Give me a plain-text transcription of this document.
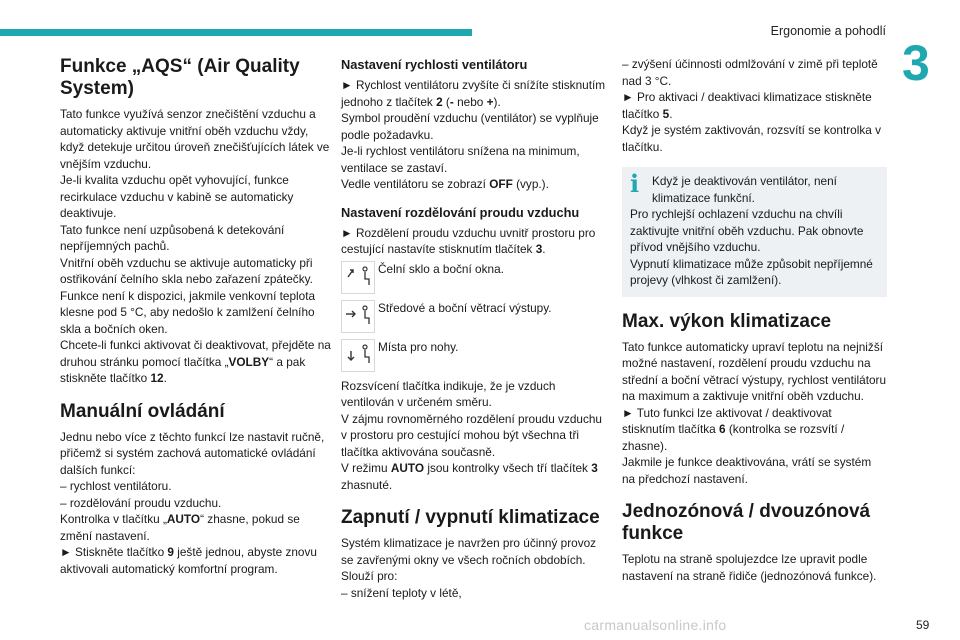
Ergonomie a pohodlí
3
Funkce „AQS“ (Air Quality System)

Tato funkce využívá senzor znečištění vzduchu a automaticky aktivuje vnitřní oběh vzduchu vždy, když detekuje určitou úroveň znečišťujících látek ve vnějším vzduchu.

Je-li kvalita vzduchu opět vyhovující, funkce recirkulace vzduchu v kabině se automaticky deaktivuje.

Tato funkce není uzpůsobená k detekování nepříjemných pachů.

Vnitřní oběh vzduchu se aktivuje automaticky při ostřikování čelního skla nebo zařazení zpátečky.

Funkce není k dispozici, jakmile venkovní teplota klesne pod 5 °C, aby nedošlo k zamlžení čelního skla a bočních oken.

Chcete-li funkci aktivovat či deaktivovat, přejděte na druhou stránku pomocí tlačítka „VOLBY“ a pak stiskněte tlačítko 12.

Manuální ovládání

Jednu nebo více z těchto funkcí lze nastavit ručně, přičemž si systém zachová automatické ovládání dalších funkcí:

– rychlost ventilátoru.

– rozdělování proudu vzduchu.

Kontrolka v tlačítku „AUTO“ zhasne, pokud se změní nastavení.

► Stiskněte tlačítko 9 ještě jednou, abyste znovu aktivovali automatický komfortní program.

Nastavení rychlosti ventilátoru

► Rychlost ventilátoru zvyšíte či snížíte stisknutím jednoho z tlačítek 2 (- nebo +).

Symbol proudění vzduchu (ventilátor) se vyplňuje podle požadavku.

Je-li rychlost ventilátoru snížena na minimum, ventilace se zastaví.

Vedle ventilátoru se zobrazí OFF (vyp.).

Nastavení rozdělování proudu vzduchu

► Rozdělení proudu vzduchu uvnitř prostoru pro cestující nastavíte stisknutím tlačítek 3.

Čelní sklo a boční okna.
Středové a boční větrací výstupy.
Místa pro nohy.

Rozsvícení tlačítka indikuje, že je vzduch ventilován v určeném směru.

V zájmu rovnoměrného rozdělení proudu vzduchu v prostoru pro cestující mohou být všechna tři tlačítka aktivována současně.

V režimu AUTO jsou kontrolky všech tří tlačítek 3 zhasnuté.

Zapnutí / vypnutí klimatizace

Systém klimatizace je navržen pro účinný provoz se zavřenými okny ve všech ročních obdobích.

Slouží pro:

– snížení teploty v létě,

– zvýšení účinnosti odmlžování v zimě při teplotě nad 3 °C.

► Pro aktivaci / deaktivaci klimatizace stiskněte tlačítko 5.

Když je systém zaktivován, rozsvítí se kontrolka v tlačítku.

i	Když je deaktivován ventilátor, není klimatizace funkční.

Pro rychlejší ochlazení vzduchu na chvíli zaktivujte vnitřní oběh vzduchu. Pak obnovte přívod vnějšího vzduchu.

Vypnutí klimatizace může způsobit nepříjemné projevy (vlhkost či zamlžení).

Max. výkon klimatizace

Tato funkce automaticky upraví teplotu na nejnižší možné nastavení, rozdělení proudu vzduchu na střední a boční větrací výstupy, rychlost ventilátoru na maximum a zaktivuje vnitřní oběh vzduchu.

► Tuto funkci lze aktivovat / deaktivovat stisknutím tlačítka 6 (kontrolka se rozsvítí / zhasne).

Jakmile je funkce deaktivována, vrátí se systém na předchozí nastavení.

Jednozónová / dvouzónová funkce

Teplotu na straně spolujezdce lze upravit podle nastavení na straně řidiče (jednozónová funkce).

carmanualsonline.info	59
